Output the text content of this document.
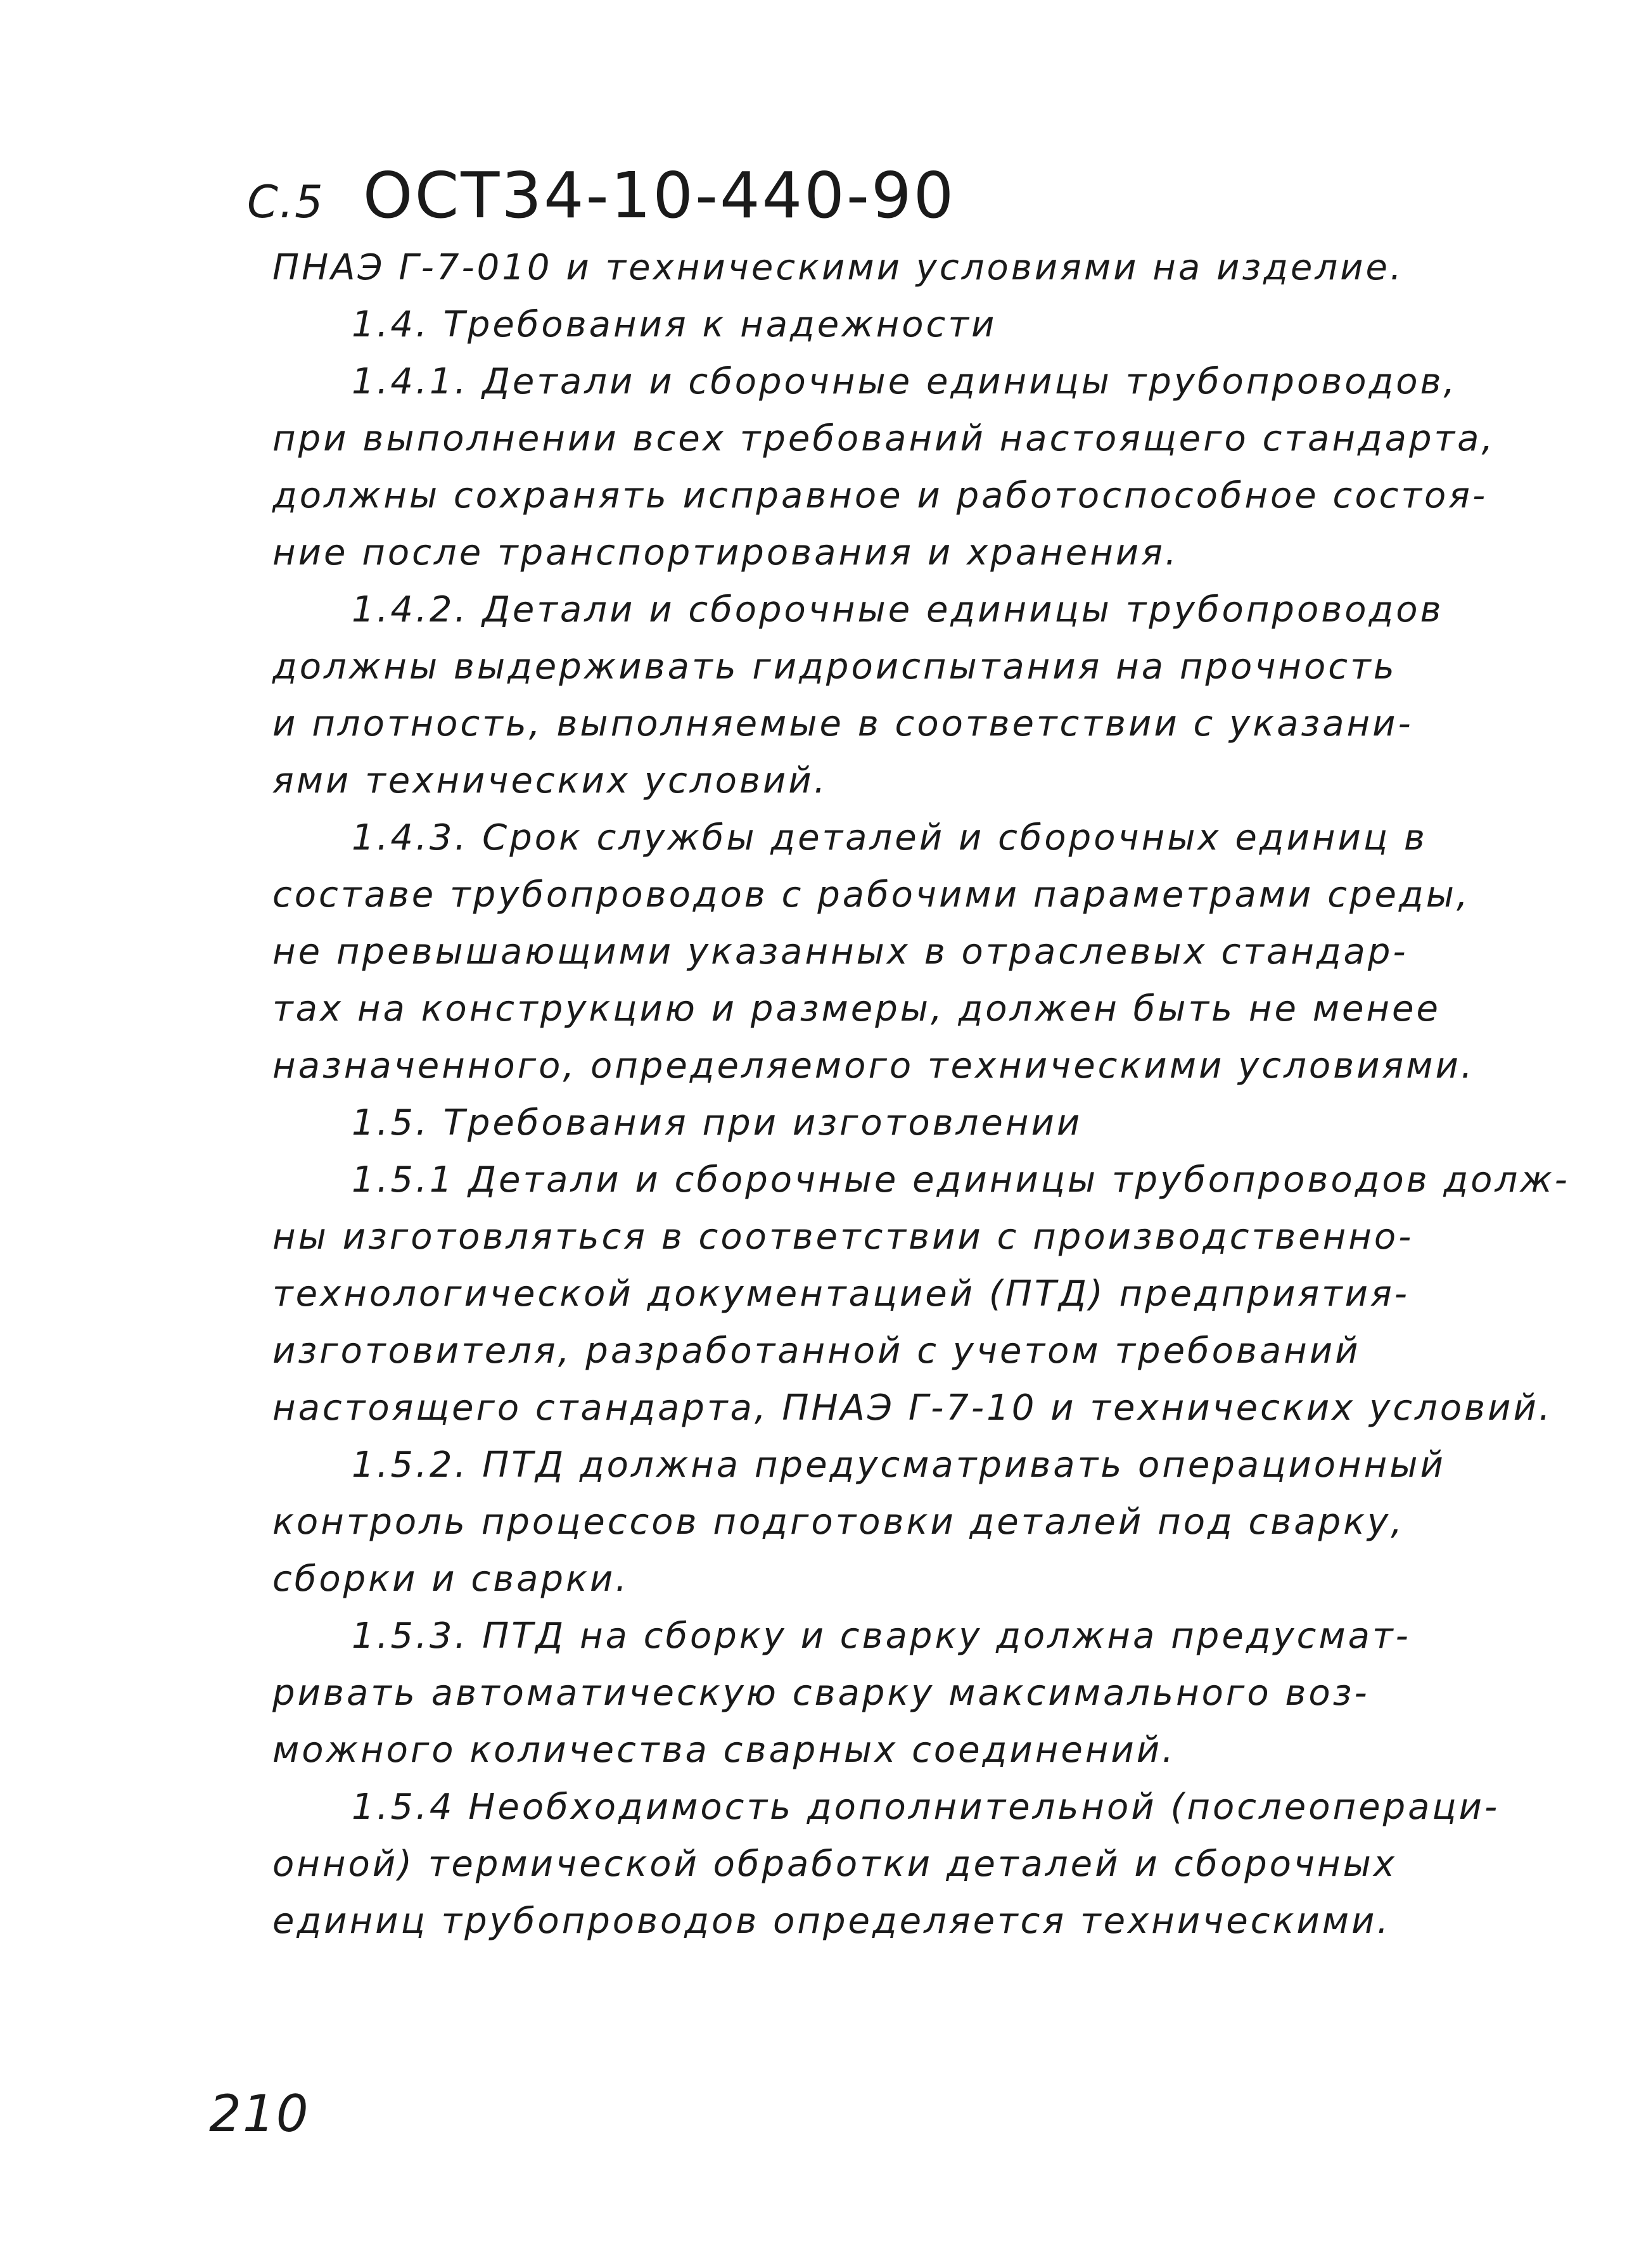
С.5 ОСТ34-10-440-90
ПНАЭ Г-7-010 и техническими условиями на изделие.
1.4. Требования к надежности
1.4.1. Детали и сборочные единицы трубопроводов,
при выполнении всех требований настоящего стандарта,
должны сохранять исправное и работоспособное состоя-
ние после транспортирования и хранения.
1.4.2. Детали и сборочные единицы трубопроводов
должны выдерживать гидроиспытания на прочность
и плотность, выполняемые в соответствии с указани-
ями технических условий.
1.4.3. Срок службы деталей и сборочных единиц в
составе трубопроводов с рабочими параметрами среды,
не превышающими указанных в отраслевых стандар-
тах на конструкцию и размеры, должен быть не менее
назначенного, определяемого техническими условиями.
1.5. Требования при изготовлении
1.5.1 Детали и сборочные единицы трубопроводов долж-
ны изготовляться в соответствии с производственно-
технологической документацией (ПТД) предприятия-
изготовителя, разработанной с учетом требований
настоящего стандарта, ПНАЭ Г-7-10 и технических условий.
1.5.2. ПТД должна предусматривать операционный
контроль процессов подготовки деталей под сварку,
сборки и сварки.
1.5.3. ПТД на сборку и сварку должна предусмат-
ривать автоматическую сварку максимального воз-
можного количества сварных соединений.
1.5.4 Необходимость дополнительной (послеопераци-
онной) термической обработки деталей и сборочных
единиц трубопроводов определяется техническими.
210
